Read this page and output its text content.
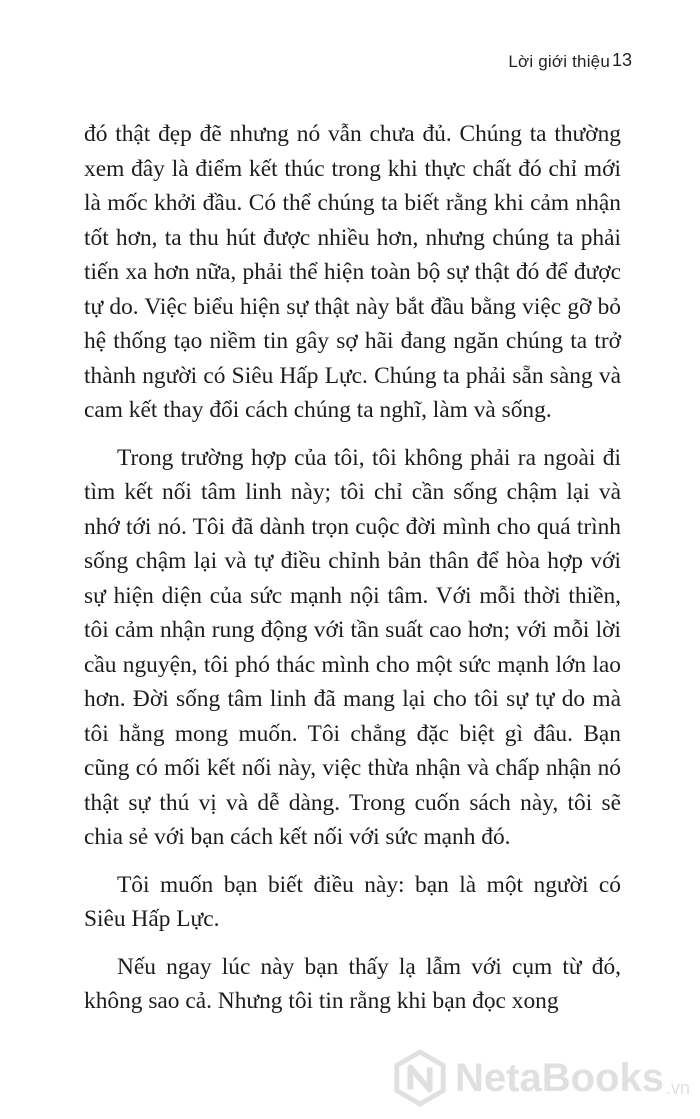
Lời giới thiệu 13

đó thật đẹp đẽ nhưng nó vẫn chưa đủ. Chúng ta thường xem đây là điểm kết thúc trong khi thực chất đó chỉ mới là mốc khởi đầu. Có thể chúng ta biết rằng khi cảm nhận tốt hơn, ta thu hút được nhiều hơn, nhưng chúng ta phải tiến xa hơn nữa, phải thể hiện toàn bộ sự thật đó để được tự do. Việc biểu hiện sự thật này bắt đầu bằng việc gỡ bỏ hệ thống tạo niềm tin gây sợ hãi đang ngăn chúng ta trở thành người có Siêu Hấp Lực. Chúng ta phải sẵn sàng và cam kết thay đổi cách chúng ta nghĩ, làm và sống.

Trong trường hợp của tôi, tôi không phải ra ngoài đi tìm kết nối tâm linh này; tôi chỉ cần sống chậm lại và nhớ tới nó. Tôi đã dành trọn cuộc đời mình cho quá trình sống chậm lại và tự điều chỉnh bản thân để hòa hợp với sự hiện diện của sức mạnh nội tâm. Với mỗi thời thiền, tôi cảm nhận rung động với tần suất cao hơn; với mỗi lời cầu nguyện, tôi phó thác mình cho một sức mạnh lớn lao hơn. Đời sống tâm linh đã mang lại cho tôi sự tự do mà tôi hằng mong muốn. Tôi chẳng đặc biệt gì đâu. Bạn cũng có mối kết nối này, việc thừa nhận và chấp nhận nó thật sự thú vị và dễ dàng. Trong cuốn sách này, tôi sẽ chia sẻ với bạn cách kết nối với sức mạnh đó.

Tôi muốn bạn biết điều này: bạn là một người có Siêu Hấp Lực.

Nếu ngay lúc này bạn thấy lạ lẫm với cụm từ đó, không sao cả. Nhưng tôi tin rằng khi bạn đọc xong

NetaBooks .vn
